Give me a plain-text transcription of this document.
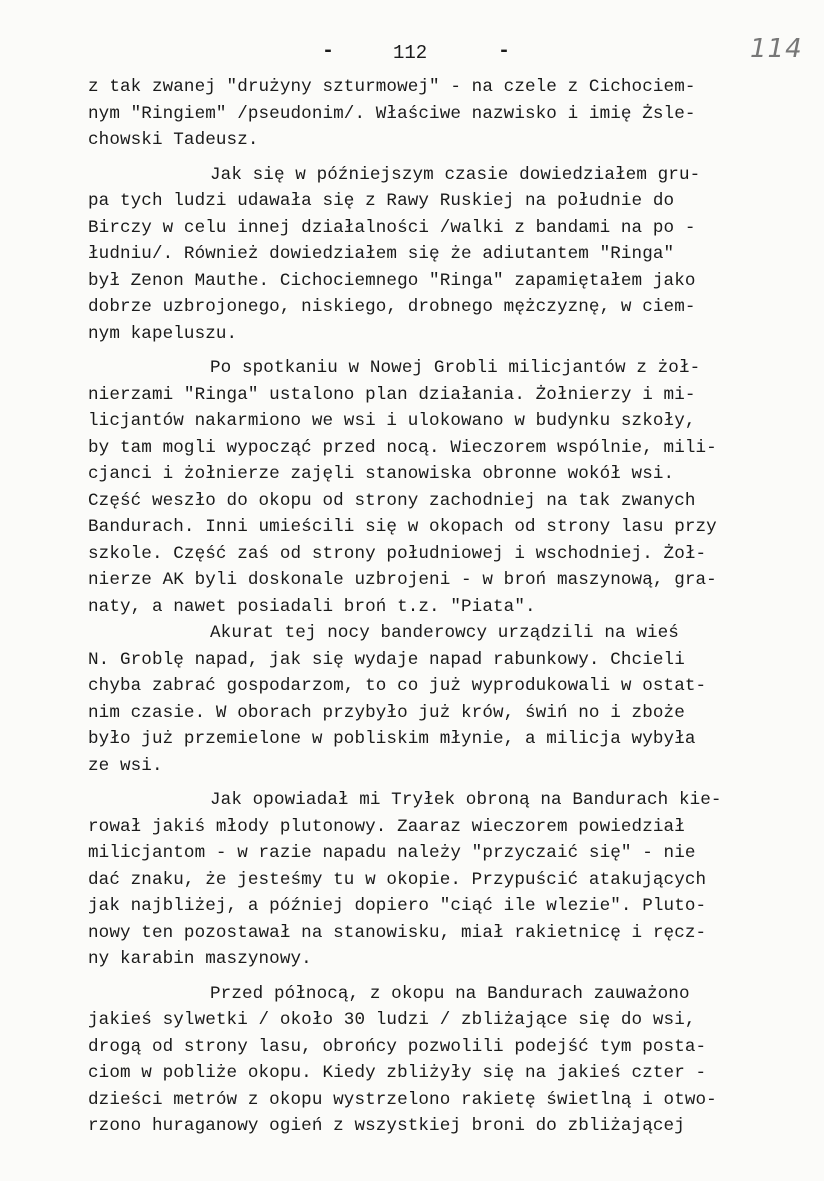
-	112	-	114
z tak zwanej "drużyny szturmowej" - na czele z Cichociem-
nym "Ringiem" /pseudonim/. Właściwe nazwisko i imię Żsle-
chowski Tadeusz.
Jak się w późniejszym czasie dowiedziałem gru-
pa tych ludzi udawała się z Rawy Ruskiej na południe do
Birczy w celu innej działalności /walki z bandami na po -
łudniu/. Również dowiedziałem się że adiutantem "Ringa"
był Zenon Mauthe. Cichociemnego "Ringa" zapamiętałem jako
dobrze uzbrojonego, niskiego, drobnego mężczyznę, w ciem-
nym kapeluszu.
Po spotkaniu w Nowej Grobli milicjantów z żoł-
nierzami "Ringa" ustalono plan działania. Żołnierzy i mi-
licjantów nakarmiono we wsi i ulokowano w budynku szkoły,
by tam mogli wypocząć przed nocą. Wieczorem wspólnie, mili-
cjanci i żołnierze zajęli stanowiska obronne wokół wsi.
Część weszło do okopu od strony zachodniej na tak zwanych
Bandurach. Inni umieścili się w okopach od strony lasu przy
szkole. Część zaś od strony południowej i wschodniej. Żoł-
nierze AK byli doskonale uzbrojeni - w broń maszynową, gra-
naty, a nawet posiadali broń t.z. "Piata".
Akurat tej nocy banderowcy urządzili na wieś
N. Groblę napad, jak się wydaje napad rabunkowy. Chcieli
chyba zabrać gospodarzom, to co już wyprodukowali w ostat-
nim czasie. W oborach przybyło już krów, świń no i zboże
było już przemielone w pobliskim młynie, a milicja wybyła
ze wsi.
Jak opowiadał mi Tryłek obroną na Bandurach kie-
rował jakiś młody plutonowy. Zaaraz wieczorem powiedział
milicjantom - w razie napadu należy "przyczaić się" - nie
dać znaku, że jesteśmy tu w okopie. Przypuścić atakujących
jak najbliżej, a później dopiero "ciąć ile wlezie". Pluto-
nowy ten pozostawał na stanowisku, miał rakietnicę i ręcz-
ny karabin maszynowy.
Przed północą, z okopu na Bandurach zauważono
jakieś sylwetki / około 30 ludzi / zbliżające się do wsi,
drogą od strony lasu, obrońcy pozwolili podejść tym posta-
ciom w pobliże okopu. Kiedy zbliżyły się na jakieś czter -
dzieści metrów z okopu wystrzelono rakietę świetlną i otwo-
rzono huraganowy ogień z wszystkiej broni do zbliżającej
